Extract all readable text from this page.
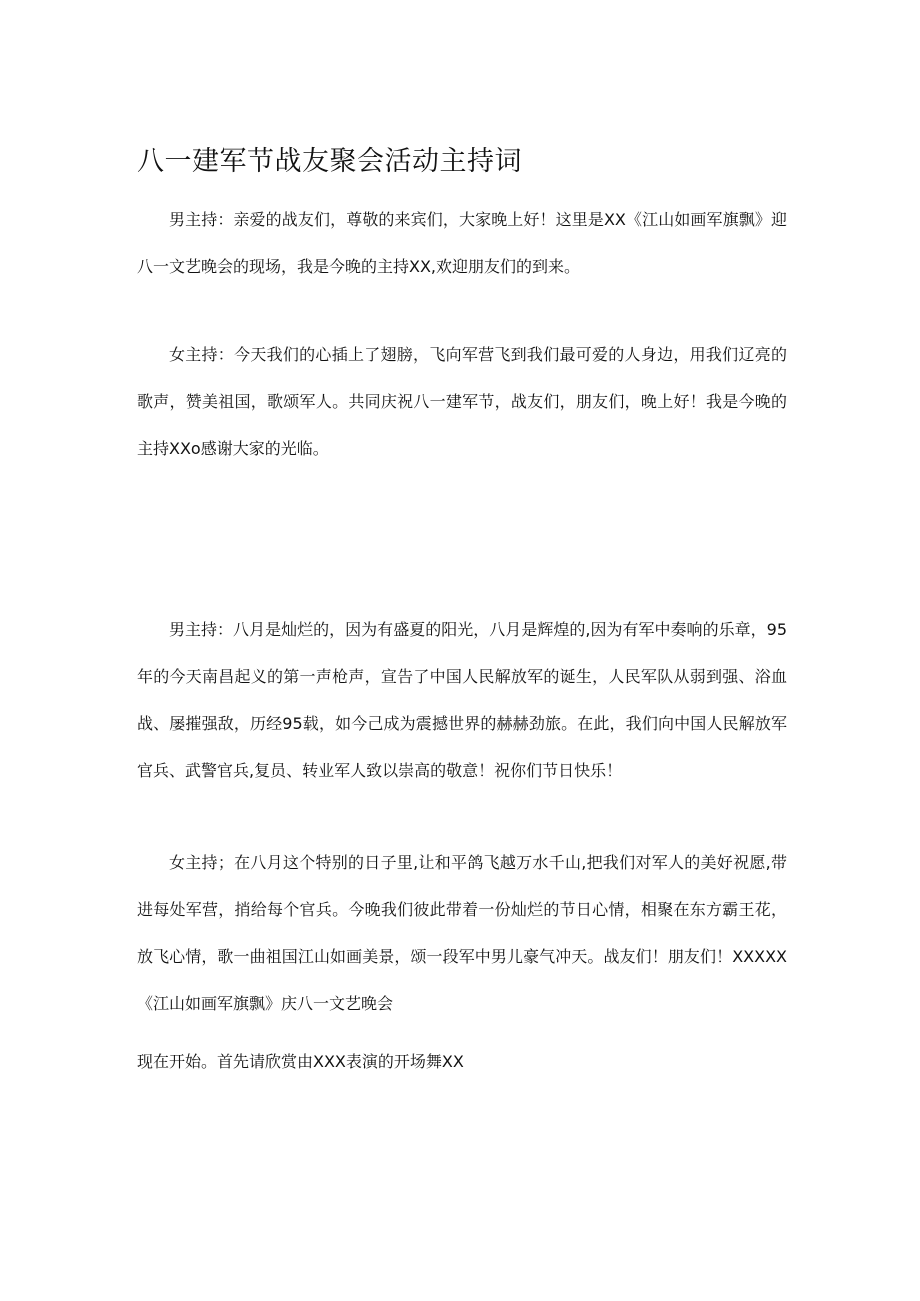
八一建军节战友聚会活动主持词

男主持：亲爱的战友们，尊敬的来宾们，大家晚上好！这里是XX《江山如画军旗飘》迎八一文艺晚会的现场，我是今晚的主持XX,欢迎朋友们的到来。

女主持：今天我们的心插上了翅膀，飞向军营飞到我们最可爱的人身边，用我们辽亮的歌声，赞美祖国，歌颂军人。共同庆祝八一建军节，战友们，朋友们，晚上好！我是今晚的主持XXo感谢大家的光临。

男主持：八月是灿烂的，因为有盛夏的阳光，八月是辉煌的,因为有军中奏响的乐章，95年的今天南昌起义的第一声枪声，宣告了中国人民解放军的诞生，人民军队从弱到强、浴血战、屡摧强敌，历经95载，如今己成为震撼世界的赫赫劲旅。在此，我们向中国人民解放军官兵、武警官兵,复员、转业军人致以崇高的敬意！祝你们节日快乐！

女主持；在八月这个特别的日子里,让和平鸽飞越万水千山,把我们对军人的美好祝愿,带进每处军营，捎给每个官兵。今晚我们彼此带着一份灿烂的节日心情，相聚在东方霸王花，放飞心情，歌一曲祖国江山如画美景，颂一段军中男儿豪气冲天。战友们！朋友们！XXXXX《江山如画军旗飘》庆八一文艺晚会

现在开始。首先请欣赏由XXX表演的开场舞XX
